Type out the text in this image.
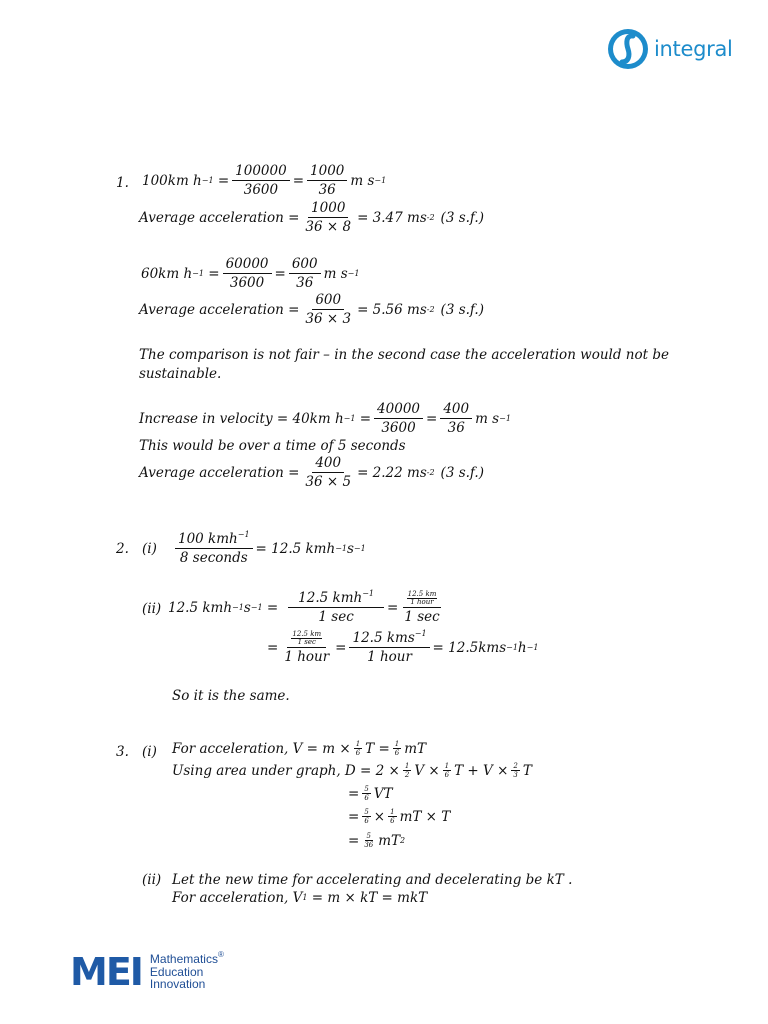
integral
1. 100km $h -1 = \frac{100000}{3600} = \frac{1000}{36}$ m s −1
Average acceleration = $\frac{1000}{36 \times 8} = 3.47$ ms -2 (3 s.f.)
60km $h -1 = \frac{60000}{3600} = \frac{600}{36}$ m s −1
Average acceleration = $\frac{600}{36 \times 3} = 5.56$ ms -2 (3 s.f.)
The comparison is not fair – in the second case the acceleration would not be
sustainable.
Increase in velocity
= 40km $h -1 = \frac{40000}{3600} = \frac{400}{36}$ m s −1
This would be over a time of 5 seconds
Average acceleration = $\frac{400}{36 \times 5} = 2.22$ ms -2 (3 s.f.)
2. $(i) \frac{100 kmh^{-1}}{\text{8 seconds}} = 12.5$ kmh −1 s −1
(ii) 12.5 kmh −1 $s -1 = \frac{12.5 kmh^{-1}}{1 \sec} = \frac{\frac{12.5 km}{\text{1 hour}}}{1 \sec}$
= $\frac{\frac{12.5 km}{1 \sec}}{\text{1 hour}} = \frac{12.5 kms^{-1}}{\text{1 hour}} = 12.5kms -1$ h −1
So it is the same.
3. (i) For acceleration,
$V = m \times \frac{1}{6}$ $T = \frac{1}{6}$ mT
Using area under graph,
$D = 2 \times \frac{1}{2}$ $V \times \frac{1}{6}$ $T + V \times \frac{2}{3}$ T
= $\frac{5}{6}$ VT
= $\frac{5}{6} \times \frac{1}{6}$ mT × T
= $\frac{5}{36}$ mT 2
(ii) Let the new time for accelerating and decelerating be kT .
For acceleration,
V 1
= m × kT = mkT
MEI Mathematics®
Education
Innovation
